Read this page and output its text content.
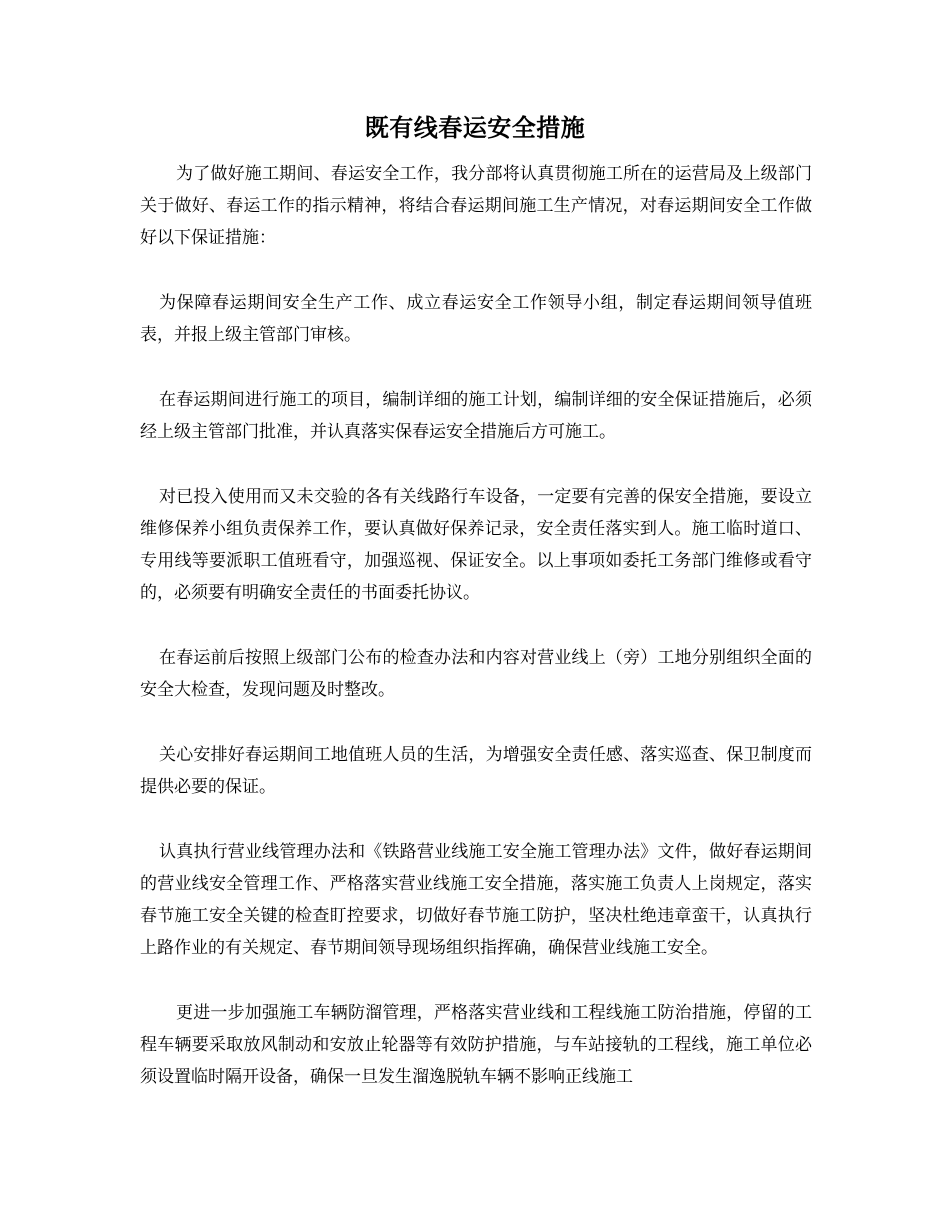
既有线春运安全措施

为了做好施工期间、春运安全工作，我分部将认真贯彻施工所在的运营局及上级部门关于做好、春运工作的指示精神，将结合春运期间施工生产情况，对春运期间安全工作做好以下保证措施：

为保障春运期间安全生产工作、成立春运安全工作领导小组，制定春运期间领导值班表，并报上级主管部门审核。

在春运期间进行施工的项目，编制详细的施工计划，编制详细的安全保证措施后，必须经上级主管部门批准，并认真落实保春运安全措施后方可施工。

对已投入使用而又未交验的各有关线路行车设备，一定要有完善的保安全措施，要设立维修保养小组负责保养工作，要认真做好保养记录，安全责任落实到人。施工临时道口、专用线等要派职工值班看守，加强巡视、保证安全。以上事项如委托工务部门维修或看守的，必须要有明确安全责任的书面委托协议。

在春运前后按照上级部门公布的检查办法和内容对营业线上（旁）工地分别组织全面的安全大检查，发现问题及时整改。

关心安排好春运期间工地值班人员的生活，为增强安全责任感、落实巡查、保卫制度而提供必要的保证。

认真执行营业线管理办法和《铁路营业线施工安全施工管理办法》文件，做好春运期间的营业线安全管理工作、严格落实营业线施工安全措施，落实施工负责人上岗规定，落实春节施工安全关键的检查盯控要求，切做好春节施工防护，坚决杜绝违章蛮干，认真执行上路作业的有关规定、春节期间领导现场组织指挥确，确保营业线施工安全。

更进一步加强施工车辆防溜管理，严格落实营业线和工程线施工防治措施，停留的工程车辆要采取放风制动和安放止轮器等有效防护措施，与车站接轨的工程线，施工单位必须设置临时隔开设备，确保一旦发生溜逸脱轨车辆不影响正线施工
